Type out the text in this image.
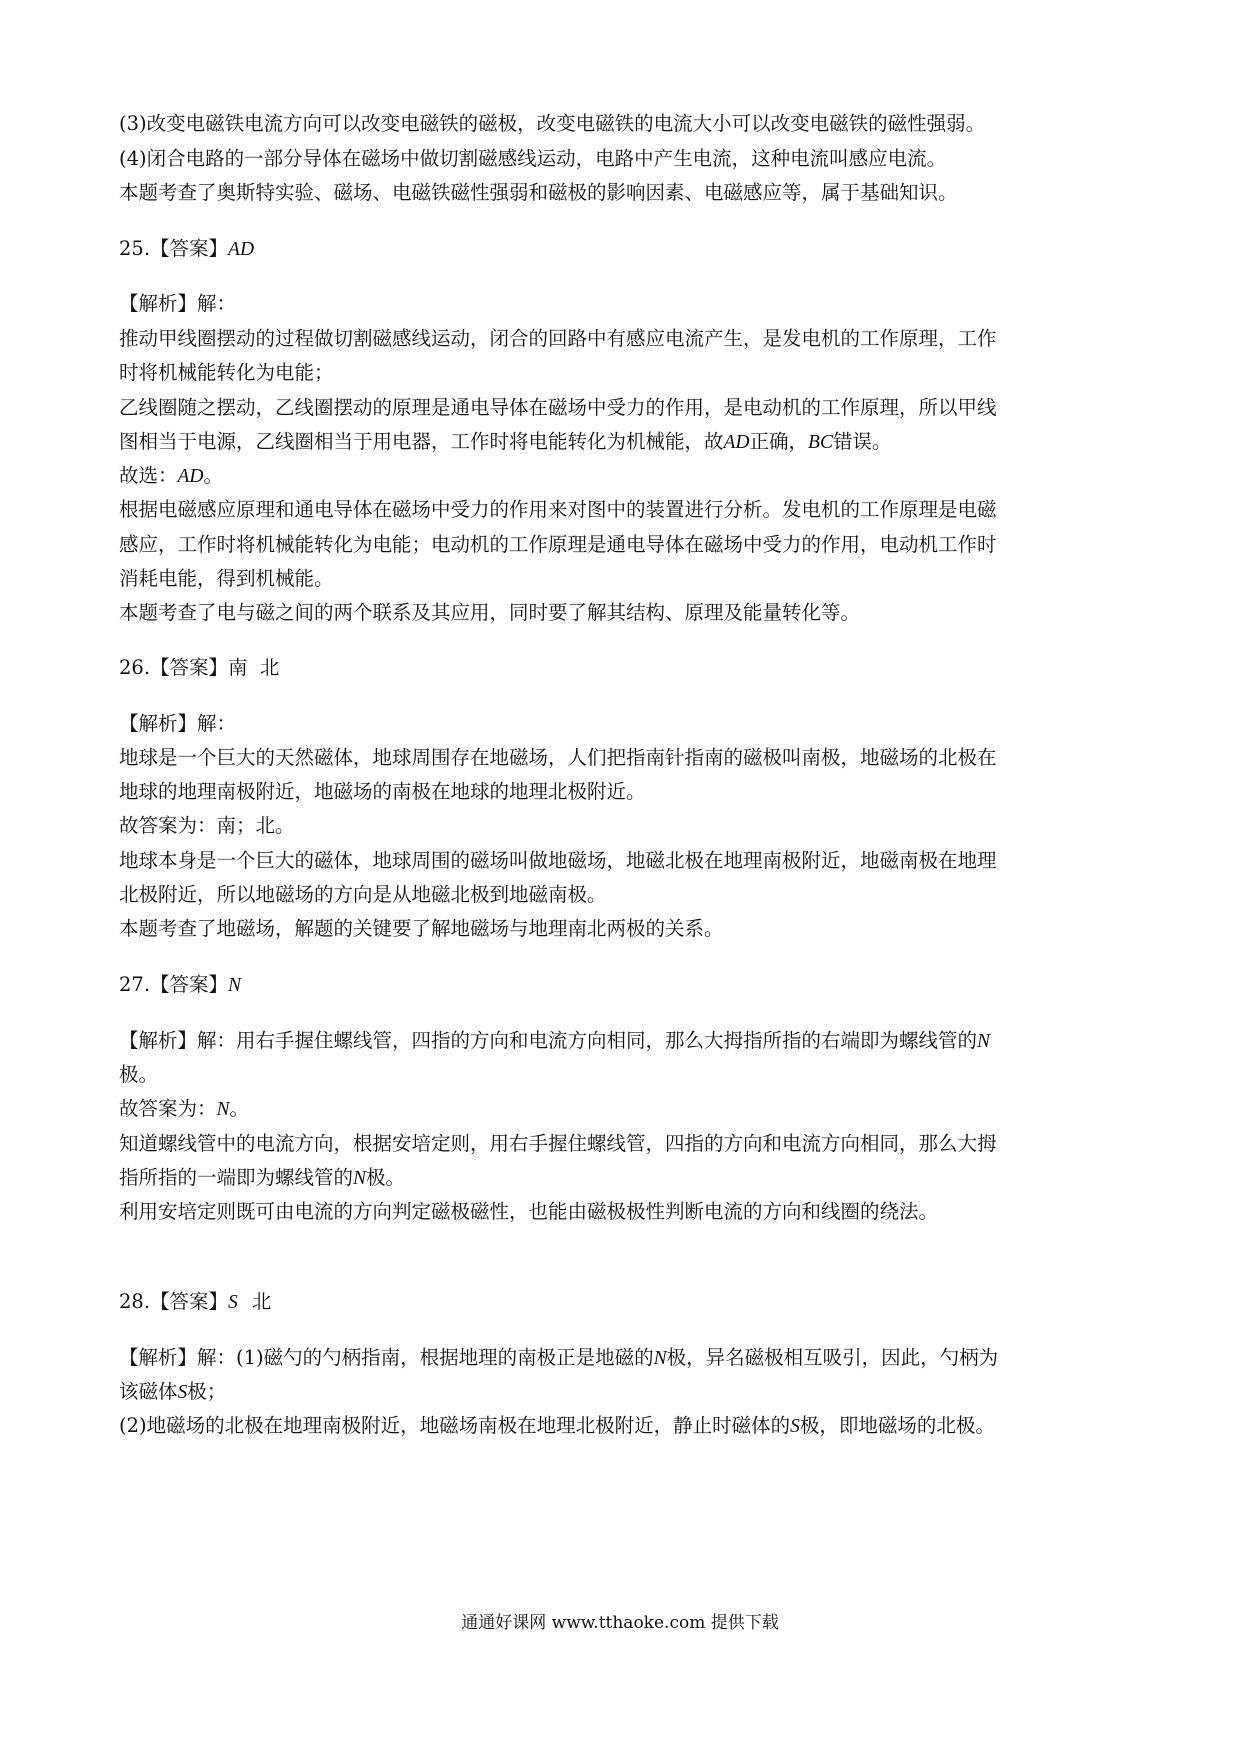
(3)改变电磁铁电流方向可以改变电磁铁的磁极，改变电磁铁的电流大小可以改变电磁铁的磁性强弱。
(4)闭合电路的一部分导体在磁场中做切割磁感线运动，电路中产生电流，这种电流叫感应电流。
本题考查了奥斯特实验、磁场、电磁铁磁性强弱和磁极的影响因素、电磁感应等，属于基础知识。
25.【答案】AD
【解析】解：
推动甲线圈摆动的过程做切割磁感线运动，闭合的回路中有感应电流产生，是发电机的工作原理，工作
时将机械能转化为电能；
乙线圈随之摆动，乙线圈摆动的原理是通电导体在磁场中受力的作用，是电动机的工作原理，所以甲线
图相当于电源，乙线圈相当于用电器，工作时将电能转化为机械能，故AD正确，BC错误。
故选：AD。
根据电磁感应原理和通电导体在磁场中受力的作用来对图中的装置进行分析。发电机的工作原理是电磁
感应，工作时将机械能转化为电能；电动机的工作原理是通电导体在磁场中受力的作用，电动机工作时
消耗电能，得到机械能。
本题考查了电与磁之间的两个联系及其应用，同时要了解其结构、原理及能量转化等。
26.【答案】南  北
【解析】解：
地球是一个巨大的天然磁体，地球周围存在地磁场，人们把指南针指南的磁极叫南极，地磁场的北极在
地球的地理南极附近，地磁场的南极在地球的地理北极附近。
故答案为：南；北。
地球本身是一个巨大的磁体，地球周围的磁场叫做地磁场，地磁北极在地理南极附近，地磁南极在地理
北极附近，所以地磁场的方向是从地磁北极到地磁南极。
本题考查了地磁场，解题的关键要了解地磁场与地理南北两极的关系。
27.【答案】N
【解析】解：用右手握住螺线管，四指的方向和电流方向相同，那么大拇指所指的右端即为螺线管的N
极。
故答案为：N。
知道螺线管中的电流方向，根据安培定则，用右手握住螺线管，四指的方向和电流方向相同，那么大拇
指所指的一端即为螺线管的N极。
利用安培定则既可由电流的方向判定磁极磁性，也能由磁极极性判断电流的方向和线圈的绕法。
28.【答案】S 北
【解析】解：(1)磁勺的勺柄指南，根据地理的南极正是地磁的N极，异名磁极相互吸引，因此，勺柄为
该磁体S极；
(2)地磁场的北极在地理南极附近，地磁场南极在地理北极附近，静止时磁体的S极，即地磁场的北极。
通通好课网 www.tthaoke.com 提供下载
